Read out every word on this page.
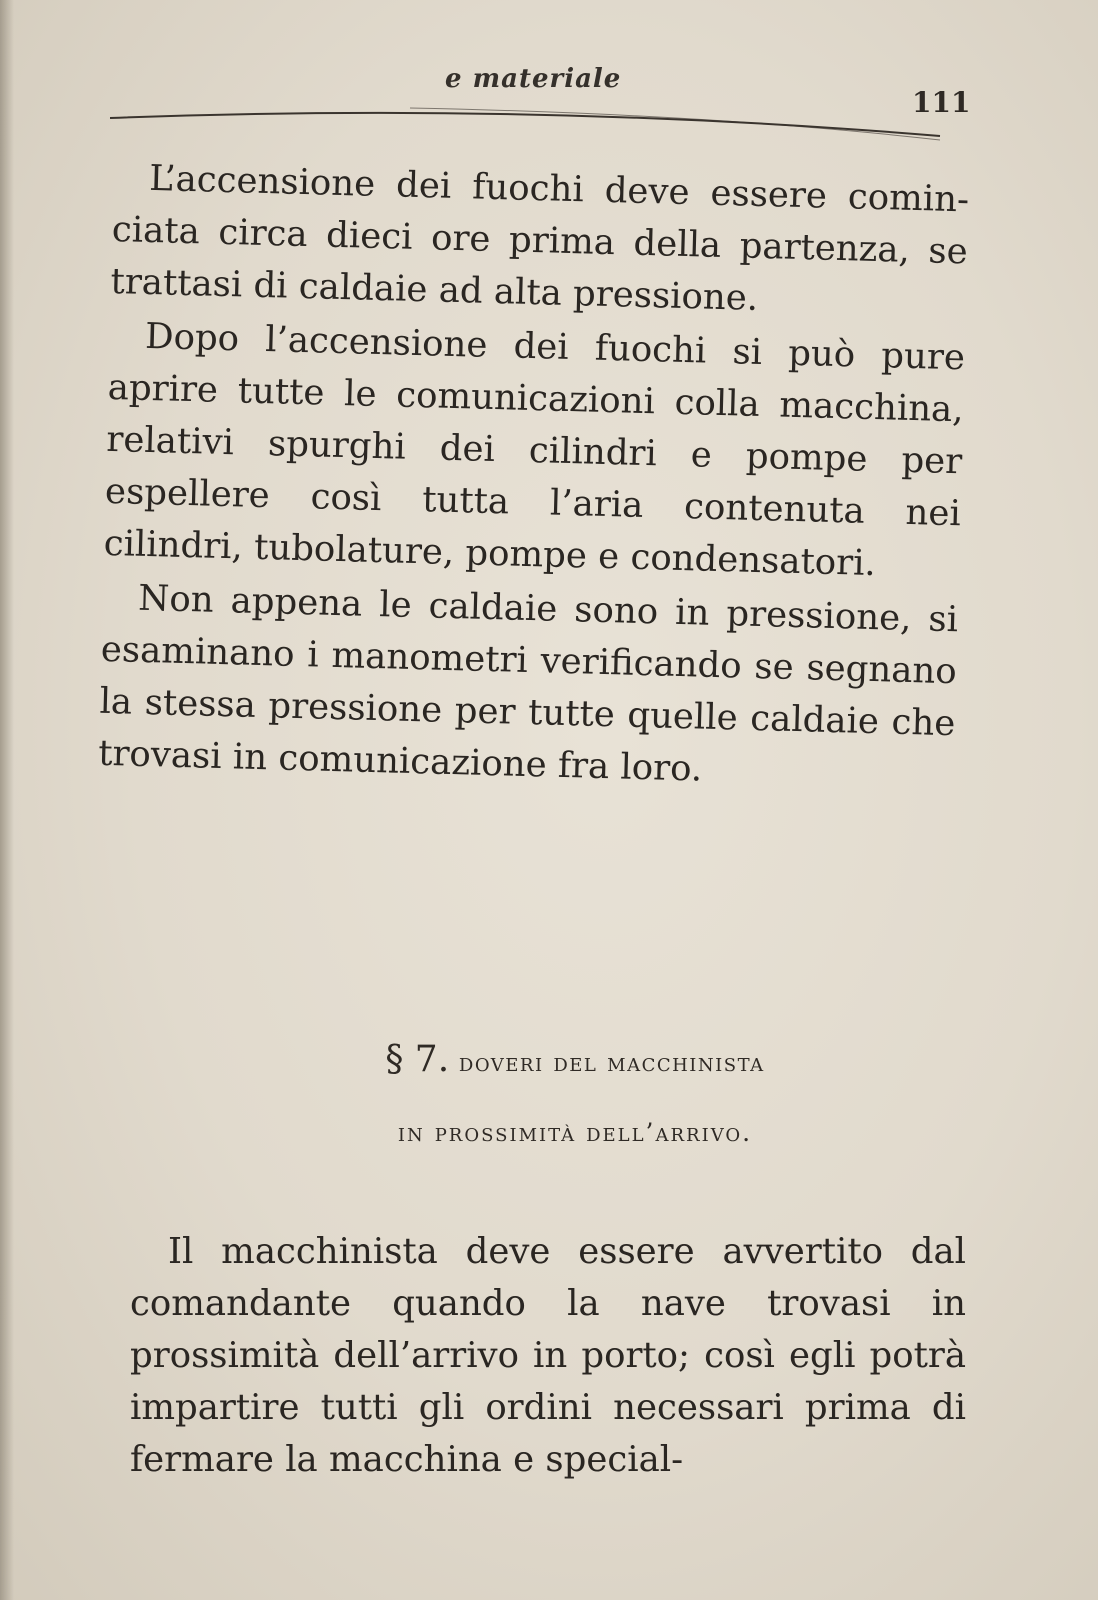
e materiale

111

L’accensione dei fuochi deve essere cominciata circa dieci ore prima della partenza, se trattasi di caldaie ad alta pressione.

Dopo l’accensione dei fuochi si può pure aprire tutte le comunicazioni colla macchina, relativi spurghi dei cilindri e pompe per espellere così tutta l’aria contenuta nei cilindri, tubolature, pompe e condensatori.

Non appena le caldaie sono in pressione, si esaminano i manometri verificando se segnano la stessa pressione per tutte quelle caldaie che trovasi in comunicazione fra loro.

§ 7. doveri del macchinista
in prossimità dell’arrivo.

Il macchinista deve essere avvertito dal comandante quando la nave trovasi in prossimità dell’arrivo in porto; così egli potrà impartire tutti gli ordini necessari prima di fermare la macchina e special-
